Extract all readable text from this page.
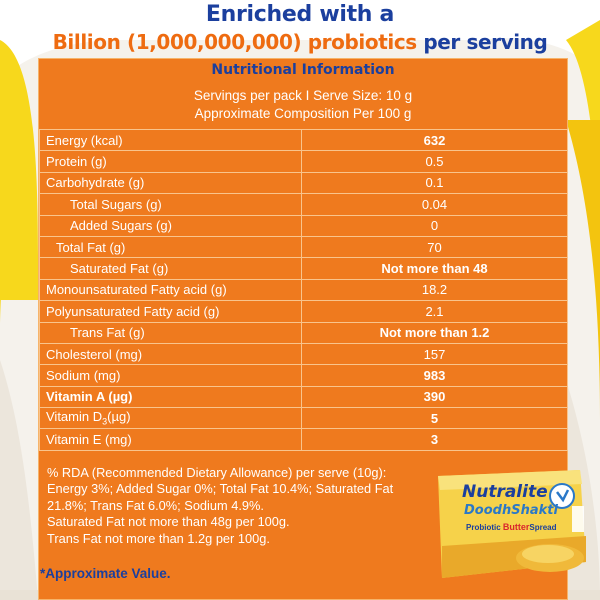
Enriched with a
Billion (1,000,000,000) probiotics per serving
Nutritional Information
Servings per pack I Serve Size: 10 g
Approximate Composition Per 100 g
Energy (kcal)	632
Protein (g)	0.5
Carbohydrate (g)	0.1
Total Sugars (g)	0.04
Added Sugars (g)	0
Total Fat (g)	70
Saturated Fat (g)	Not more than 48
Monounsaturated Fatty acid (g)	18.2
Polyunsaturated Fatty acid (g)	2.1
Trans Fat (g)	Not more than 1.2
Cholesterol (mg)	157
Sodium (mg)	983
Vitamin A (µg)	390
Vitamin $D_3(\mu g)$	5
Vitamin E (mg)	3
% RDA (Recommended Dietary Allowance) per serve (10g):
Energy 3%; Added Sugar 0%; Total Fat 10.4%; Saturated Fat
21.8%; Trans Fat 6.0%; Sodium 4.9%.
Saturated Fat not more than 48g per 100g.
Trans Fat not more than 1.2g per 100g.
*Approximate Value.
Nutralite
DoodhShakti
Probiotic ButterSpread
